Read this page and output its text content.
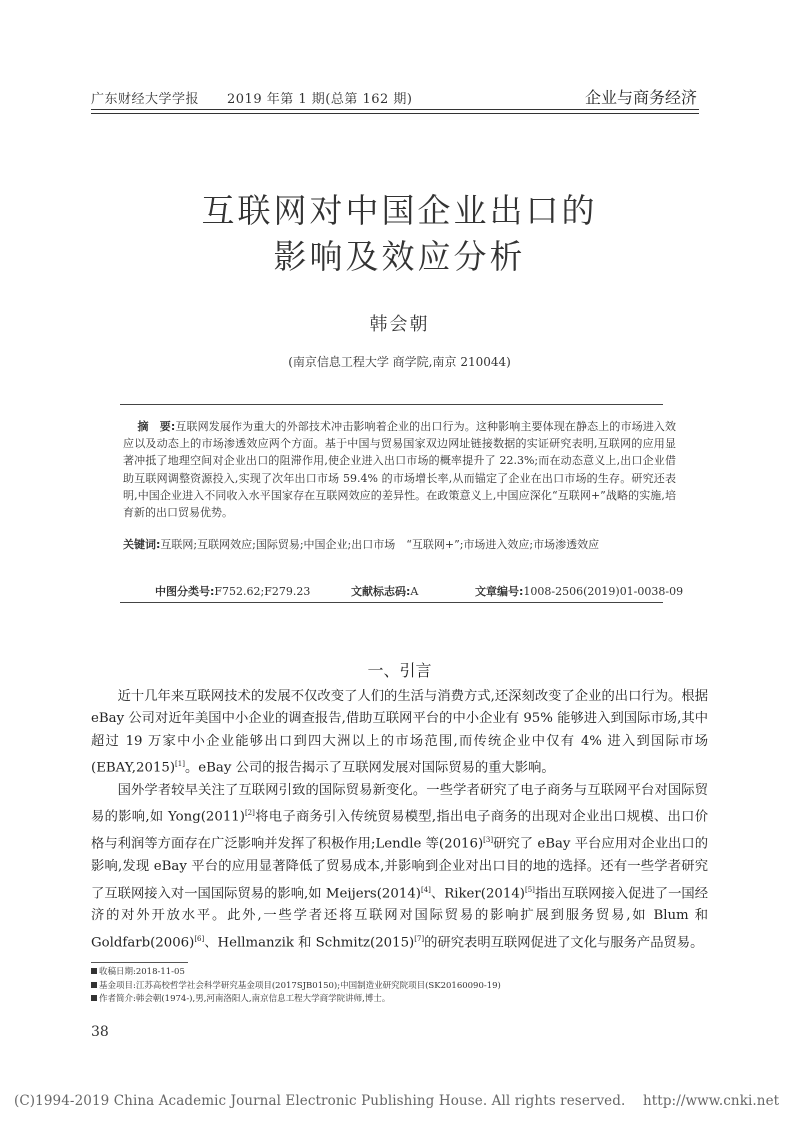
广东财经大学学报 2019 年第 1 期(总第 162 期)	企业与商务经济
互联网对中国企业出口的
影响及效应分析
韩会朝
(南京信息工程大学 商学院,南京 210044)
摘　要:互联网发展作为重大的外部技术冲击影响着企业的出口行为。这种影响主要体现在静态上的市场进入效应以及动态上的市场渗透效应两个方面。基于中国与贸易国家双边网址链接数据的实证研究表明,互联网的应用显著冲抵了地理空间对企业出口的阻滞作用,使企业进入出口市场的概率提升了 22.3%;而在动态意义上,出口企业借助互联网调整资源投入,实现了次年出口市场 59.4% 的市场增长率,从而锚定了企业在出口市场的生存。研究还表明,中国企业进入不同收入水平国家存在互联网效应的差异性。在政策意义上,中国应深化“互联网+”战略的实施,培育新的出口贸易优势。
关键词:互联网;互联网效应;国际贸易;中国企业;出口市场　“互联网+”;市场进入效应;市场渗透效应
中图分类号:F752.62;F279.23	文献标志码:A	文章编号:1008-2506(2019)01-0038-09
一、引言

近十几年来互联网技术的发展不仅改变了人们的生活与消费方式,还深刻改变了企业的出口行为。根据 eBay 公司对近年美国中小企业的调查报告,借助互联网平台的中小企业有 95% 能够进入到国际市场,其中超过 19 万家中小企业能够出口到四大洲以上的市场范围,而传统企业中仅有 4% 进入到国际市场(EBAY,2015)[1]。eBay 公司的报告揭示了互联网发展对国际贸易的重大影响。

国外学者较早关注了互联网引致的国际贸易新变化。一些学者研究了电子商务与互联网平台对国际贸易的影响,如 Yong(2011)[2]将电子商务引入传统贸易模型,指出电子商务的出现对企业出口规模、出口价格与利润等方面存在广泛影响并发挥了积极作用;Lendle 等(2016)[3]研究了 eBay 平台应用对企业出口的影响,发现 eBay 平台的应用显著降低了贸易成本,并影响到企业对出口目的地的选择。还有一些学者研究了互联网接入对一国国际贸易的影响,如 Meijers(2014)[4]、Riker(2014)[5]指出互联网接入促进了一国经济的对外开放水平。此外,一些学者还将互联网对国际贸易的影响扩展到服务贸易,如 Blum 和 Goldfarb(2006)[6]、Hellmanzik 和 Schmitz(2015)[7]的研究表明互联网促进了文化与服务产品贸易。

收稿日期:2018-11-05
基金项目:江苏高校哲学社会科学研究基金项目(2017SJB0150);中国制造业研究院项目(SK20160090-19)
作者简介:韩会朝(1974-),男,河南洛阳人,南京信息工程大学商学院讲师,博士。
38
(C)1994-2019 China Academic Journal Electronic Publishing House. All rights reserved.    http://www.cnki.net
